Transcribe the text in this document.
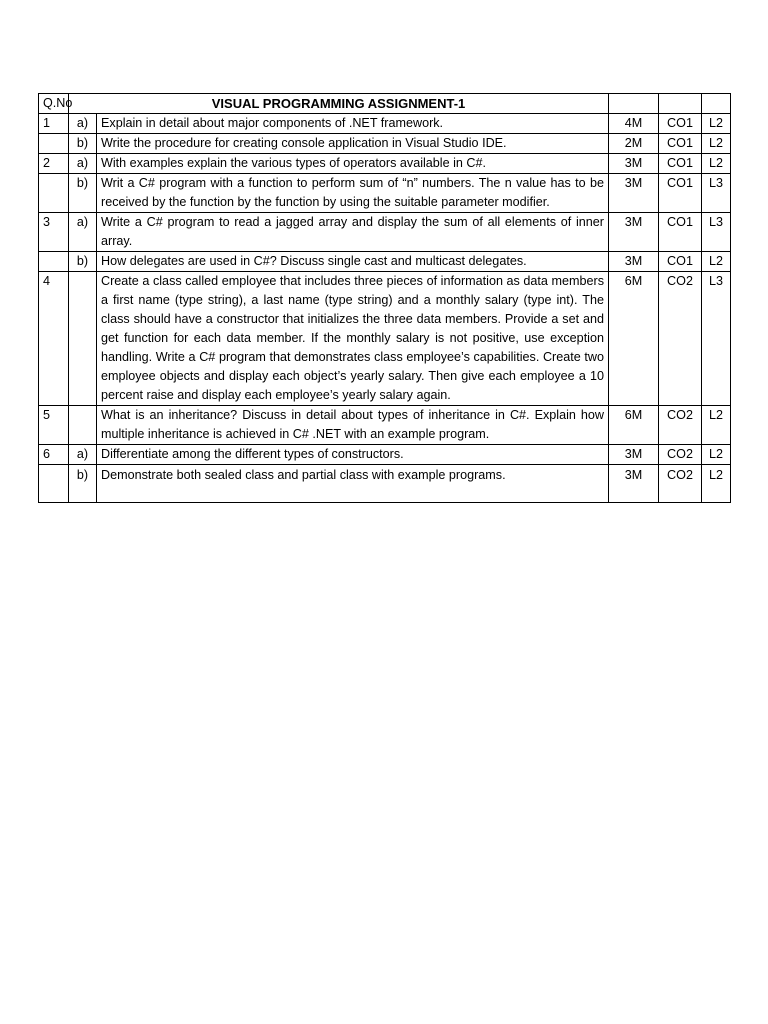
Q.No	VISUAL PROGRAMMING ASSIGNMENT-1				
1	a)	Explain in detail about major components of .NET framework.	4M	CO1	L2
	b)	Write the procedure for creating console application in Visual Studio IDE.	2M	CO1	L2
2	a)	With examples explain the various types of operators available in C#.	3M	CO1	L2
	b)	Writ a C# program with a function to perform sum of “n” numbers. The n value has to be received by the function by the function by using the suitable parameter modifier.	3M	CO1	L3
3	a)	Write a C# program to read a jagged array and display the sum of all elements of inner array.	3M	CO1	L3
	b)	How delegates are used in C#? Discuss single cast and multicast delegates.	3M	CO1	L2
4		Create a class called employee that includes three pieces of information as data members a first name (type string), a last name (type string) and a monthly salary (type int). The class should have a constructor that initializes the three data members. Provide a set and get function for each data member. If the monthly salary is not positive, use exception handling. Write a C# program that demonstrates class employee’s capabilities. Create two employee objects and display each object’s yearly salary. Then give each employee a 10 percent raise and display each employee’s yearly salary again.	6M	CO2	L3
5		What is an inheritance? Discuss in detail about types of inheritance in C#. Explain how multiple inheritance is achieved in C# .NET with an example program.	6M	CO2	L2
6	a)	Differentiate among the different types of constructors.	3M	CO2	L2
	b)	Demonstrate both sealed class and partial class with example programs.	3M	CO2	L2
